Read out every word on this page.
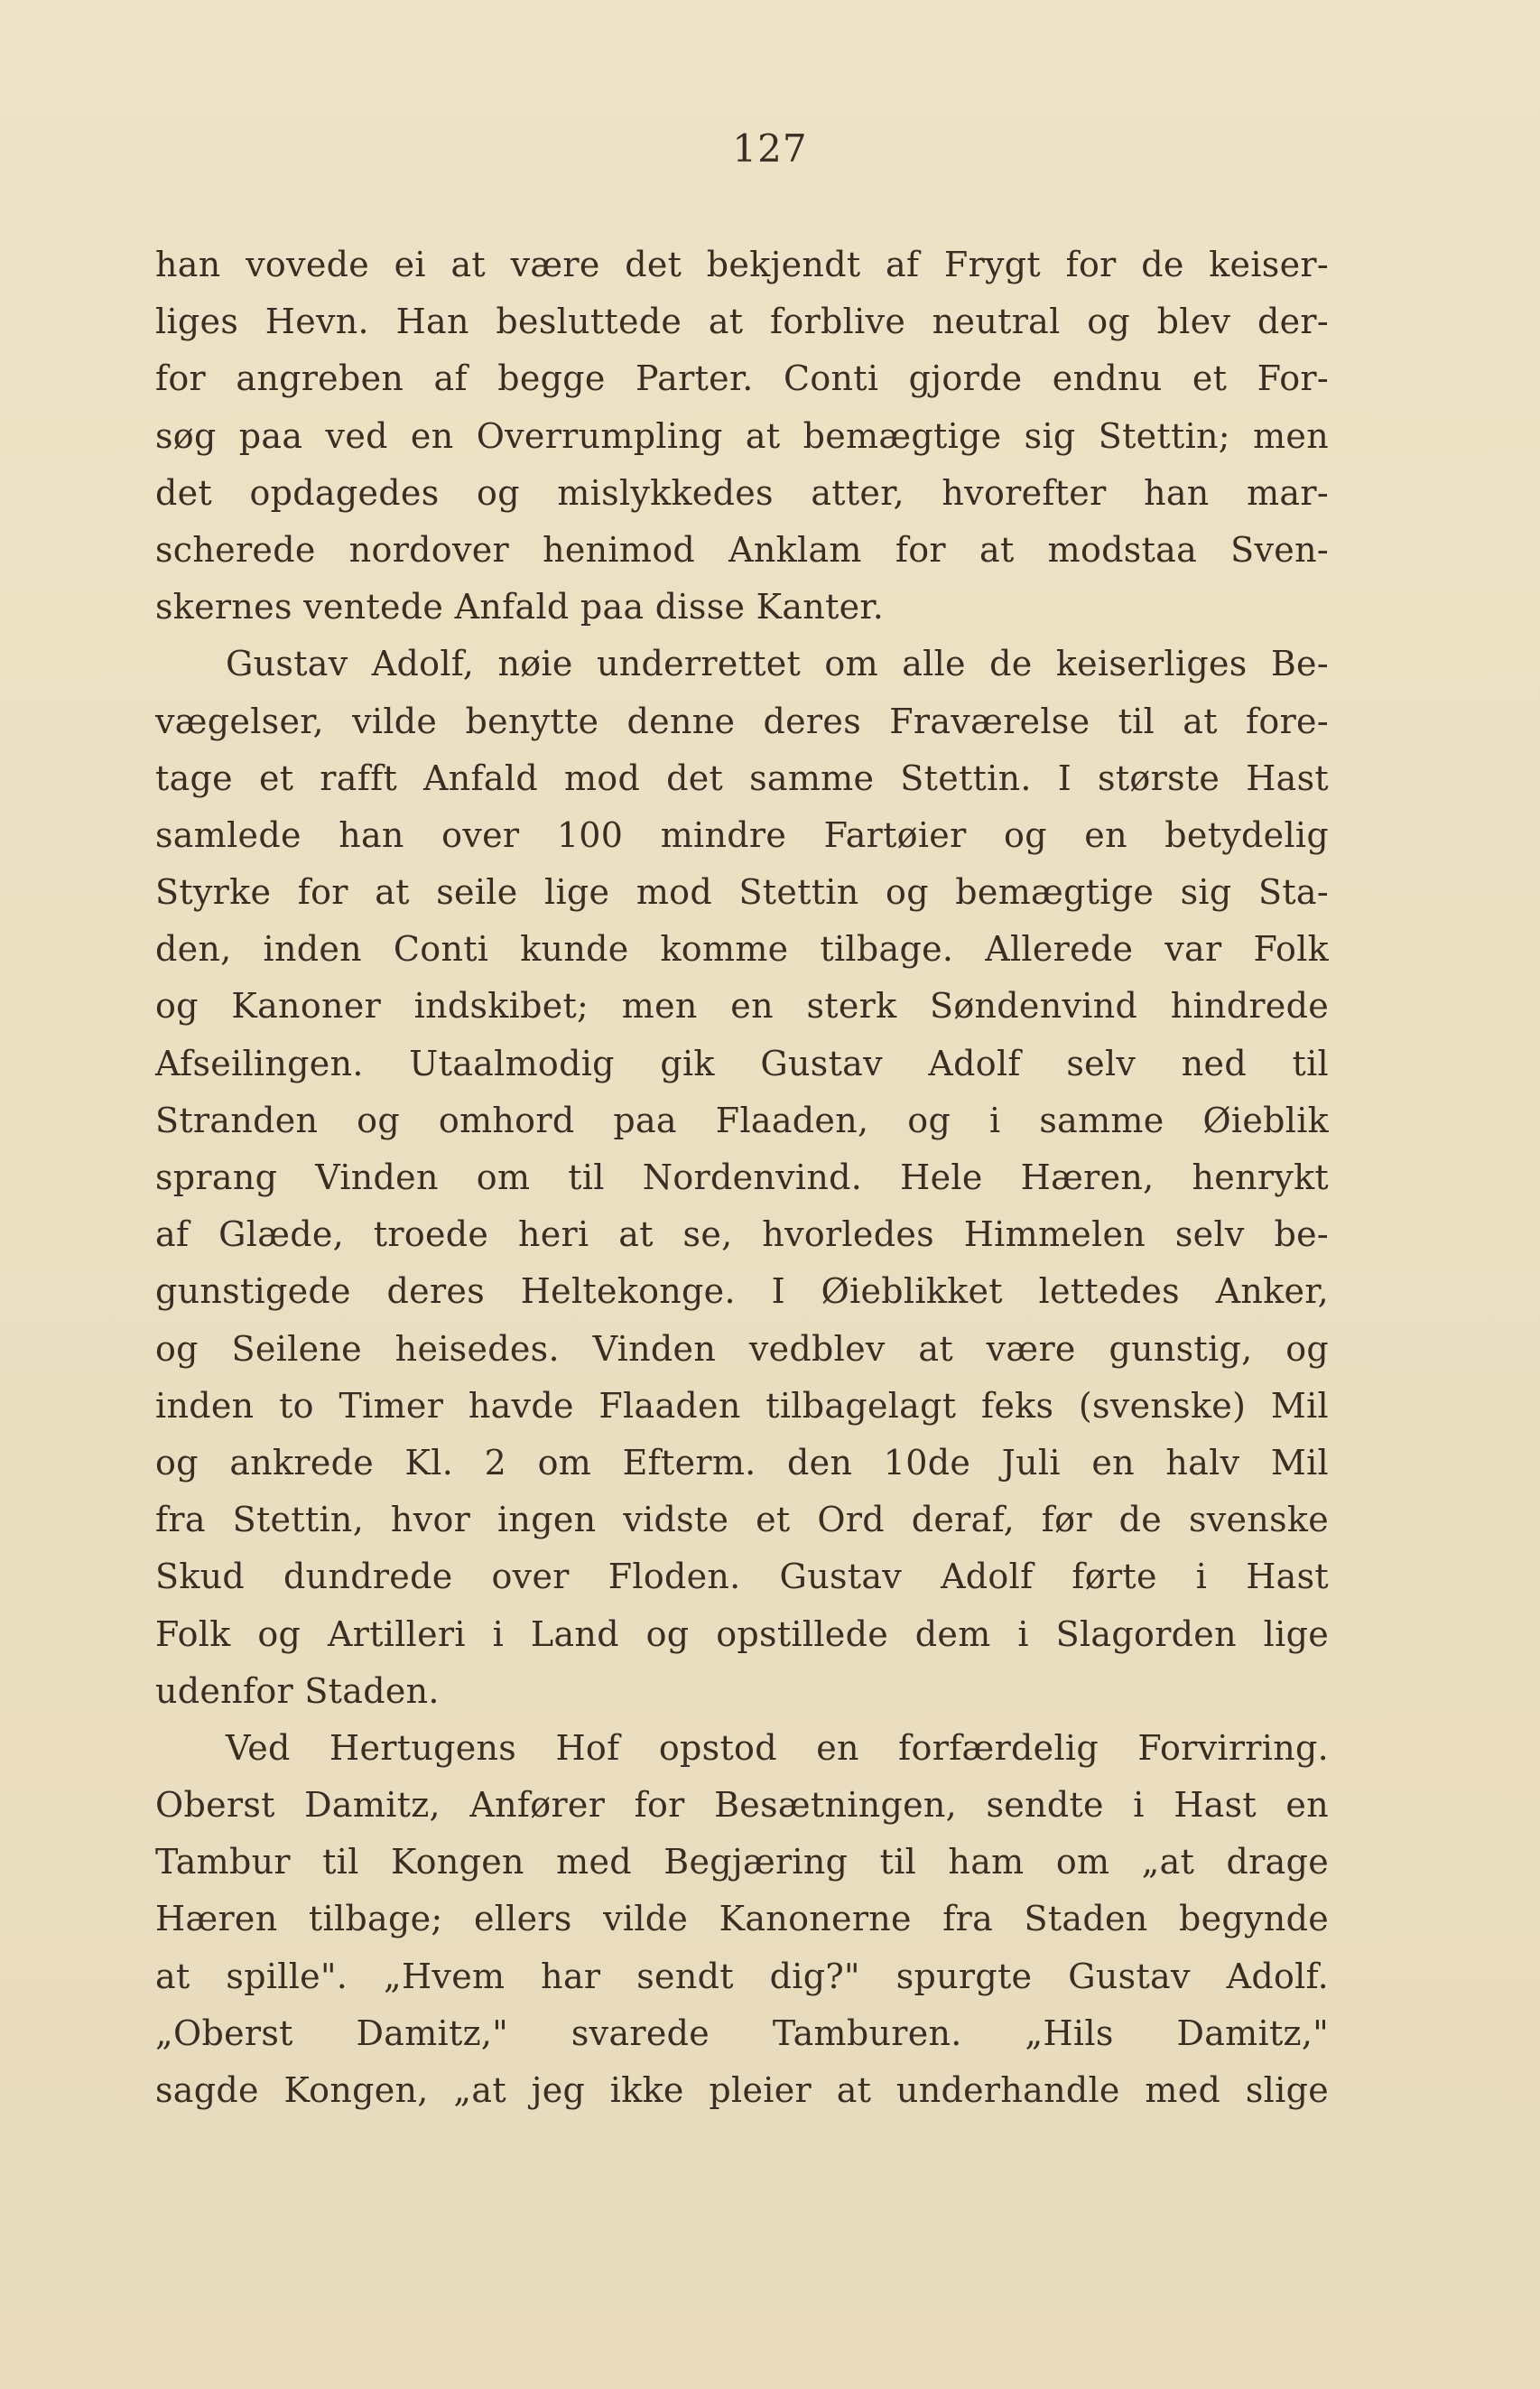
127
han vovede ei at være det bekjendt af Frygt for de keiser-
liges Hevn. Han besluttede at forblive neutral og blev der-
for angreben af begge Parter. Conti gjorde endnu et For-
søg paa ved en Overrumpling at bemægtige sig Stettin; men
det opdagedes og mislykkedes atter, hvorefter han mar-
scherede nordover henimod Anklam for at modstaa Sven-
skernes ventede Anfald paa disse Kanter.
Gustav Adolf, nøie underrettet om alle de keiserliges Be-
vægelser, vilde benytte denne deres Fraværelse til at fore-
tage et rafft Anfald mod det samme Stettin. I største Hast
samlede han over 100 mindre Fartøier og en betydelig
Styrke for at seile lige mod Stettin og bemægtige sig Sta-
den, inden Conti kunde komme tilbage. Allerede var Folk
og Kanoner indskibet; men en sterk Søndenvind hindrede
Afseilingen. Utaalmodig gik Gustav Adolf selv ned til
Stranden og omhord paa Flaaden, og i samme Øieblik
sprang Vinden om til Nordenvind. Hele Hæren, henrykt
af Glæde, troede heri at se, hvorledes Himmelen selv be-
gunstigede deres Heltekonge. I Øieblikket lettedes Anker,
og Seilene heisedes. Vinden vedblev at være gunstig, og
inden to Timer havde Flaaden tilbagelagt feks (svenske) Mil
og ankrede Kl. 2 om Efterm. den 10de Juli en halv Mil
fra Stettin, hvor ingen vidste et Ord deraf, før de svenske
Skud dundrede over Floden. Gustav Adolf førte i Hast
Folk og Artilleri i Land og opstillede dem i Slagorden lige
udenfor Staden.
Ved Hertugens Hof opstod en forfærdelig Forvirring.
Oberst Damitz, Anfører for Besætningen, sendte i Hast en
Tambur til Kongen med Begjæring til ham om „at drage
Hæren tilbage; ellers vilde Kanonerne fra Staden begynde
at spille". „Hvem har sendt dig?" spurgte Gustav Adolf.
„Oberst Damitz," svarede Tamburen. „Hils Damitz,"
sagde Kongen, „at jeg ikke pleier at underhandle med slige
